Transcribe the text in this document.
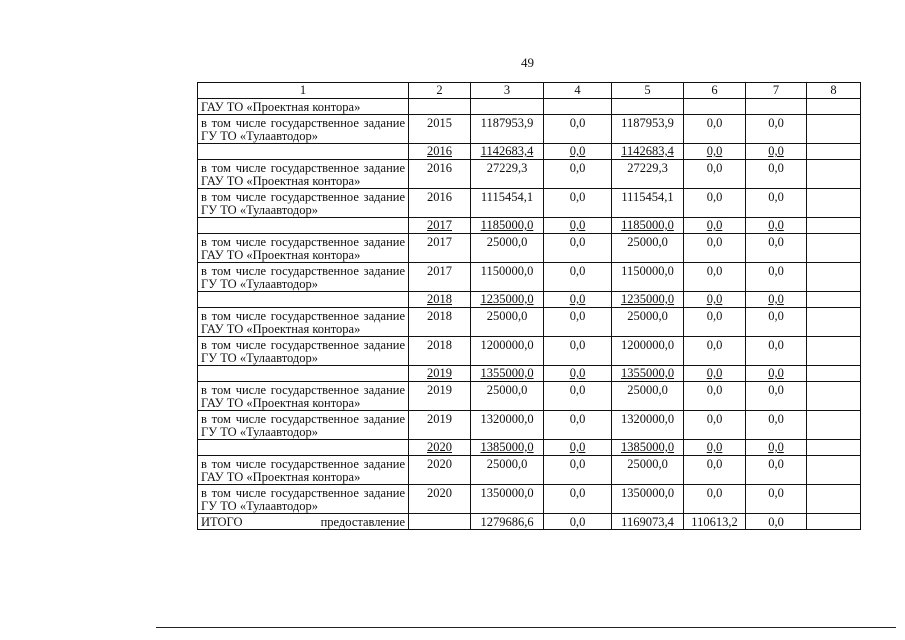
49
1	2	3	4	5	6	7	8
ГАУ ТО «Проектная контора»							
в том числе государственное задание ГУ ТО «Тулаавтодор»	2015	1187953,9	0,0	1187953,9	0,0	0,0	
	2016	1142683,4	0,0	1142683,4	0,0	0,0	
в том числе государственное задание ГАУ ТО «Проектная контора»	2016	27229,3	0,0	27229,3	0,0	0,0	
в том числе государственное задание ГУ ТО «Тулаавтодор»	2016	1115454,1	0,0	1115454,1	0,0	0,0	
	2017	1185000,0	0,0	1185000,0	0,0	0,0	
в том числе государственное задание ГАУ ТО «Проектная контора»	2017	25000,0	0,0	25000,0	0,0	0,0	
в том числе государственное задание ГУ ТО «Тулаавтодор»	2017	1150000,0	0,0	1150000,0	0,0	0,0	
	2018	1235000,0	0,0	1235000,0	0,0	0,0	
в том числе государственное задание ГАУ ТО «Проектная контора»	2018	25000,0	0,0	25000,0	0,0	0,0	
в том числе государственное задание ГУ ТО «Тулаавтодор»	2018	1200000,0	0,0	1200000,0	0,0	0,0	
	2019	1355000,0	0,0	1355000,0	0,0	0,0	
в том числе государственное задание ГАУ ТО «Проектная контора»	2019	25000,0	0,0	25000,0	0,0	0,0	
в том числе государственное задание ГУ ТО «Тулаавтодор»	2019	1320000,0	0,0	1320000,0	0,0	0,0	
	2020	1385000,0	0,0	1385000,0	0,0	0,0	
в том числе государственное задание ГАУ ТО «Проектная контора»	2020	25000,0	0,0	25000,0	0,0	0,0	
в том числе государственное задание ГУ ТО «Тулаавтодор»	2020	1350000,0	0,0	1350000,0	0,0	0,0	

ИТОГО предоставление		1279686,6	0,0	1169073,4	110613,2	0,0	
